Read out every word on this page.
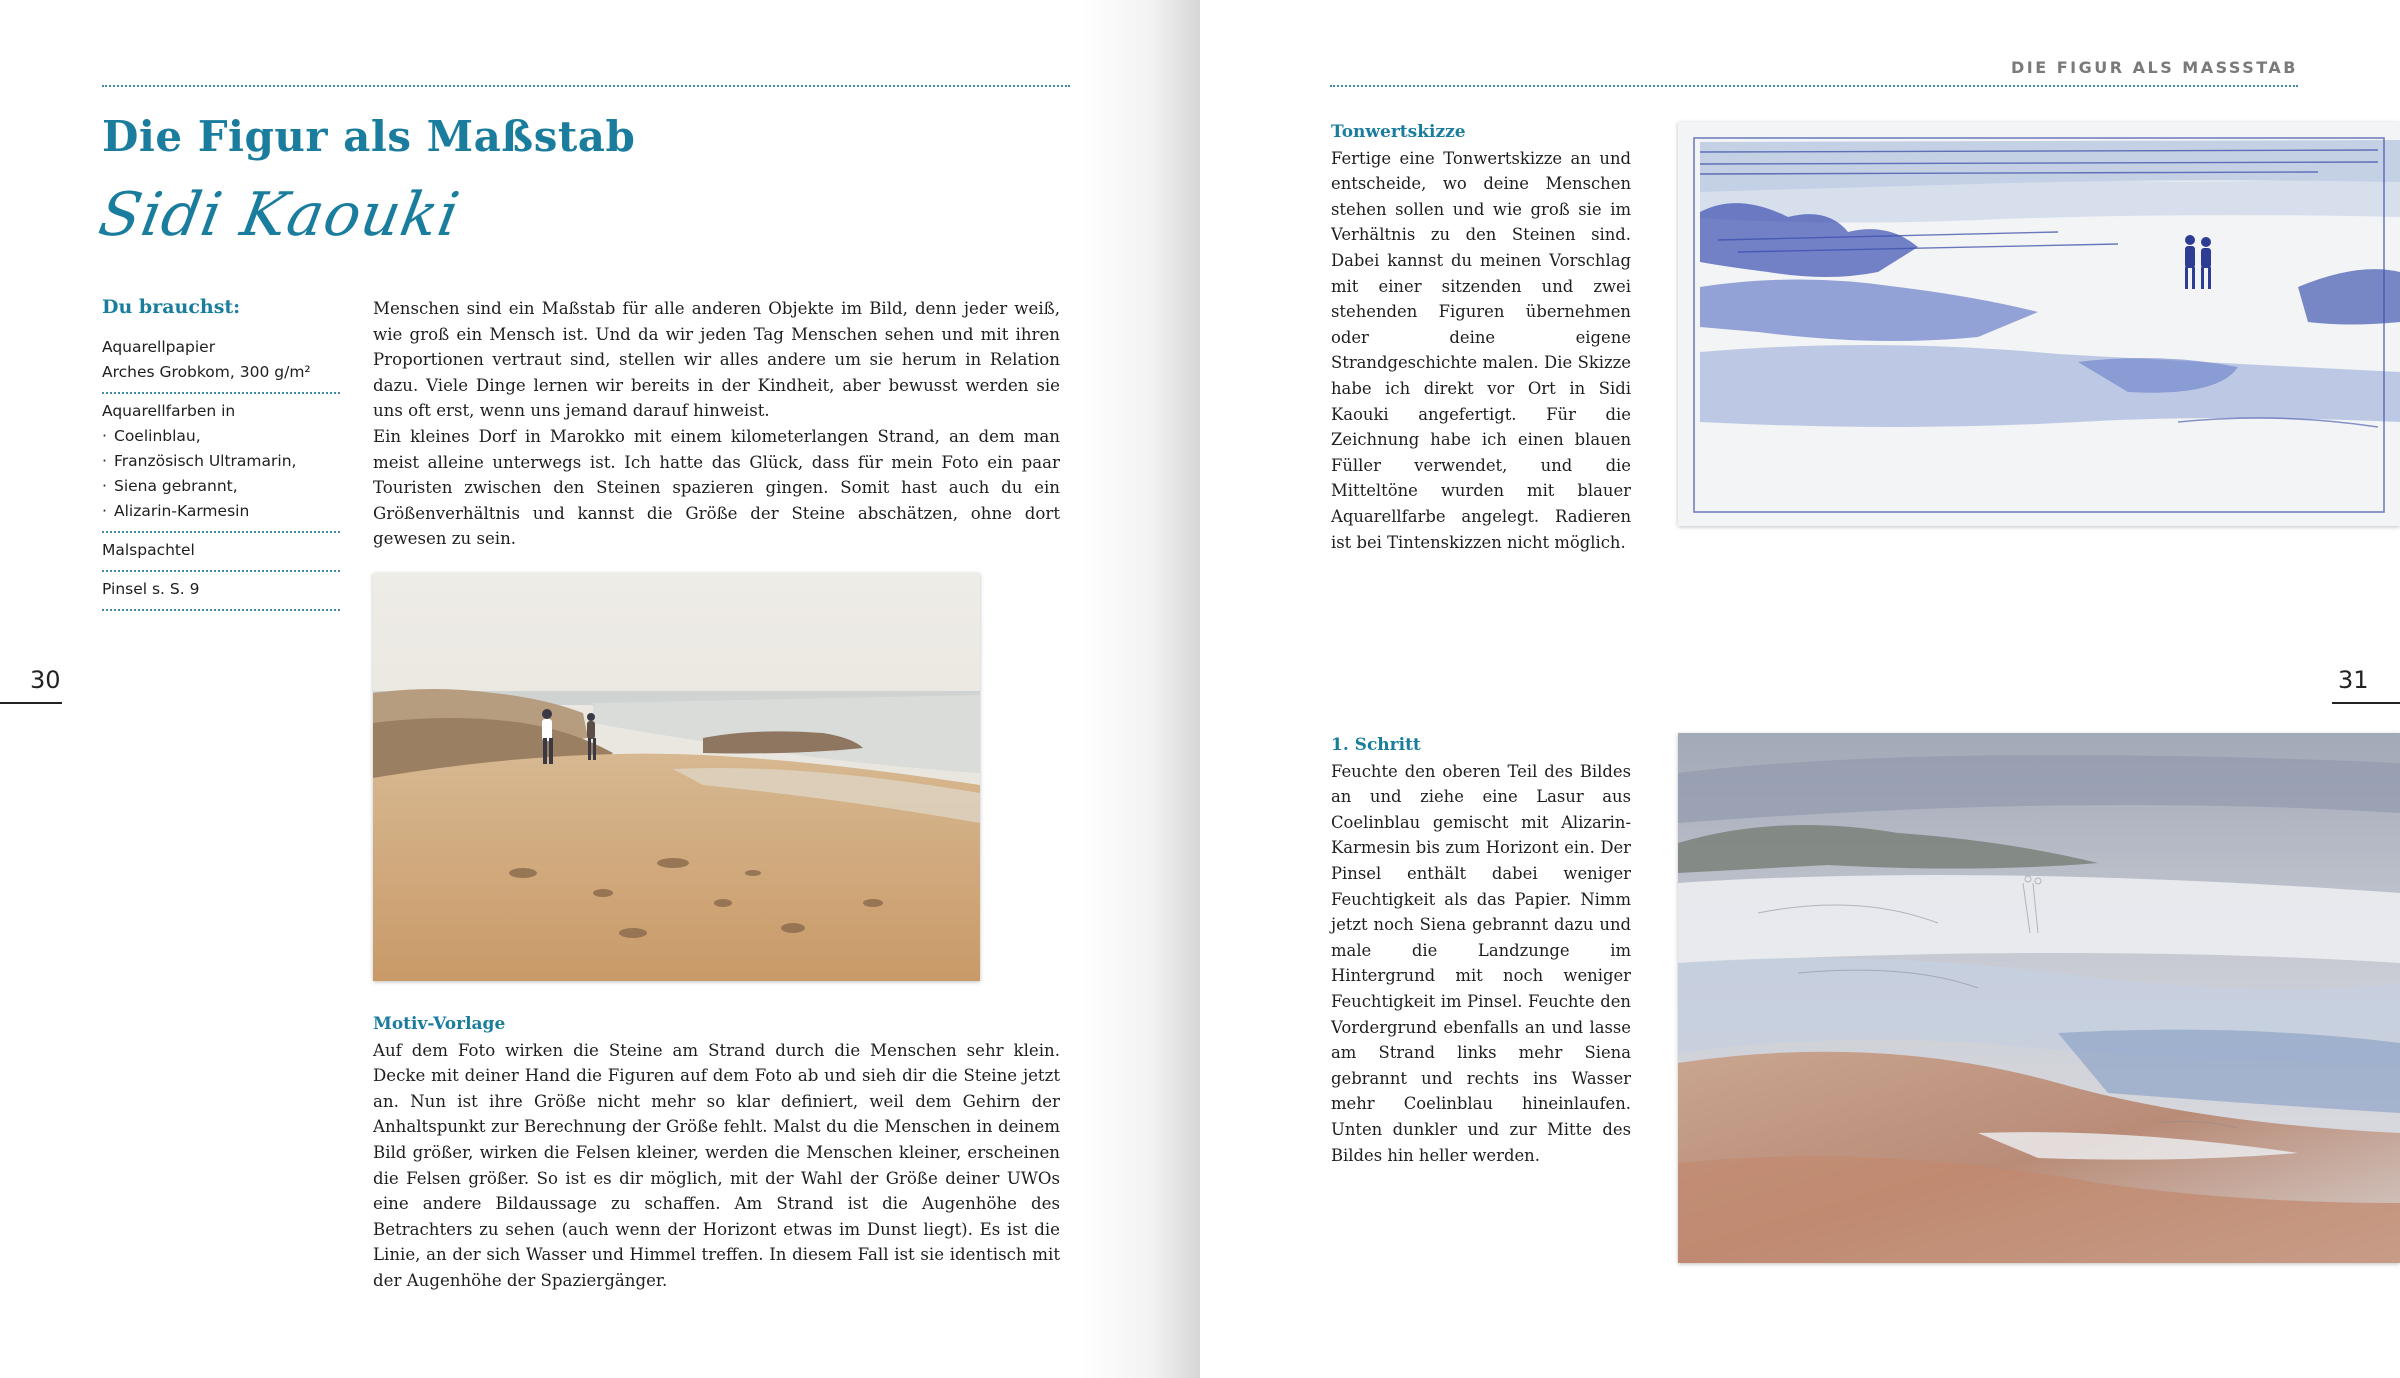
Die Figur als Maßstab
Sidi Kaouki
Du brauchst:
Aquarellpapier
Arches Grobkom, 300 g/m²
Aquarellfarben in
· Coelinblau,
· Französisch Ultramarin,
· Siena gebrannt,
· Alizarin-Karmesin
Malspachtel
Pinsel s. S. 9

Menschen sind ein Maßstab für alle anderen Objekte im Bild, denn jeder weiß, wie groß ein Mensch ist. Und da wir jeden Tag Menschen sehen und mit ihren Proportionen vertraut sind, stellen wir alles andere um sie herum in Relation dazu. Viele Dinge lernen wir bereits in der Kindheit, aber bewusst werden sie uns oft erst, wenn uns jemand darauf hinweist.

Ein kleines Dorf in Marokko mit einem kilometerlangen Strand, an dem man meist alleine unterwegs ist. Ich hatte das Glück, dass für mein Foto ein paar Touristen zwischen den Steinen spazieren gingen. Somit hast auch du ein Größenverhältnis und kannst die Größe der Steine abschätzen, ohne dort gewesen zu sein.

Motiv-Vorlage

Auf dem Foto wirken die Steine am Strand durch die Menschen sehr klein. Decke mit deiner Hand die Figuren auf dem Foto ab und sieh dir die Steine jetzt an. Nun ist ihre Größe nicht mehr so klar definiert, weil dem Gehirn der Anhaltspunkt zur Berechnung der Größe fehlt. Malst du die Menschen in deinem Bild größer, wirken die Felsen kleiner, werden die Menschen kleiner, erscheinen die Felsen größer. So ist es dir möglich, mit der Wahl der Größe deiner UWOs eine andere Bildaussage zu schaffen. Am Strand ist die Augenhöhe des Betrachters zu sehen (auch wenn der Horizont etwas im Dunst liegt). Es ist die Linie, an der sich Wasser und Himmel treffen. In diesem Fall ist sie identisch mit der Augenhöhe der Spaziergänger.

30
DIE FIGUR ALS MASSSTAB
Tonwertskizze

Fertige eine Tonwertskizze an und entscheide, wo deine Menschen stehen sollen und wie groß sie im Verhältnis zu den Steinen sind. Dabei kannst du meinen Vorschlag mit einer sitzenden und zwei stehenden Figuren übernehmen oder deine eigene Strandgeschichte malen. Die Skizze habe ich direkt vor Ort in Sidi Kaouki angefertigt. Für die Zeichnung habe ich einen blauen Füller verwendet, und die Mitteltöne wurden mit blauer Aquarellfarbe angelegt. Radieren ist bei Tintenskizzen nicht möglich.

1. Schritt

Feuchte den oberen Teil des Bildes an und ziehe eine Lasur aus Coelinblau gemischt mit Alizarin-Karmesin bis zum Horizont ein. Der Pinsel enthält dabei weniger Feuchtigkeit als das Papier. Nimm jetzt noch Siena gebrannt dazu und male die Landzunge im Hintergrund mit noch weniger Feuchtigkeit im Pinsel. Feuchte den Vordergrund ebenfalls an und lasse am Strand links mehr Siena gebrannt und rechts ins Wasser mehr Coelinblau hineinlaufen. Unten dunkler und zur Mitte des Bildes hin heller werden.

31
